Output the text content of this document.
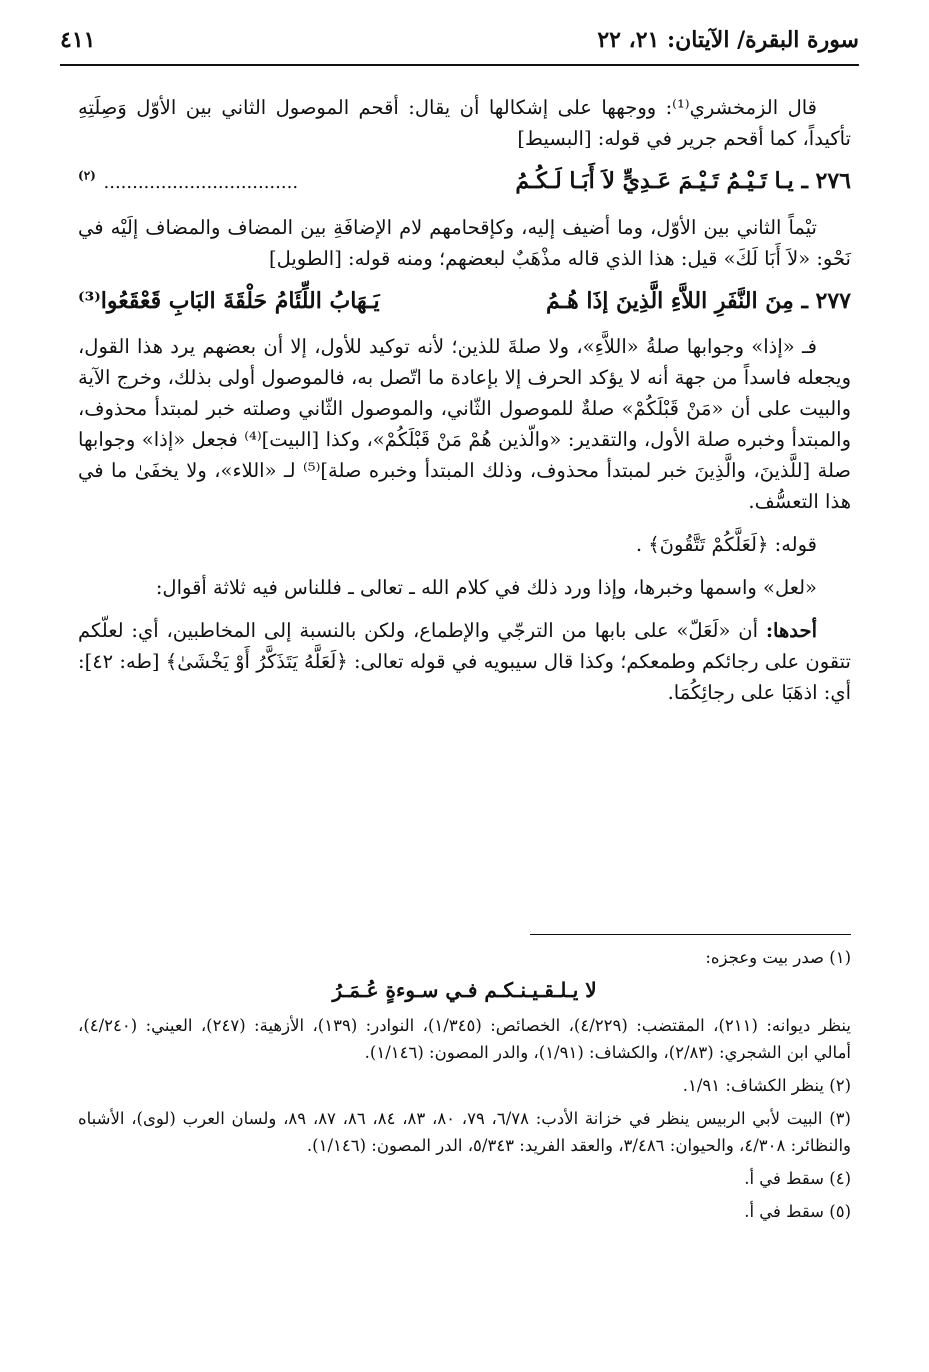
سورة البقرة/ الآيتان: ٢١، ٢٢
٤١١

قال الزمخشري⁽¹⁾: ووجهها على إشكالها أن يقال: أقحم الموصول الثاني بين الأوّل وَصِلَتِهِ تأكيداً، كما أقحم جرير في قوله: [البسيط]

٢٧٦ ـ يـا تَـيْـمُ تَـيْـمَ عَـدِيٍّ لاَ أَبَـا لَـكُـمُ
.................................. $^{(٢)}$

تيْماً الثاني بين الأوّل، وما أضيف إليه، وكإقحامهم لام الإضافَةِ بين المضاف والمضاف إلَيْه في نَحْو: «لاَ أَبَا لَكَ» قيل: هذا الذي قاله مذْهَبٌ لبعضهم؛ ومنه قوله: [الطويل]

٢٧٧ ـ مِنَ النَّفَرِ اللاَّءِ الَّذِينَ إذَا هُـمُ
يَـهَابُ اللِّئَامُ حَلْقَةَ البَابِ قَعْقَعُوا⁽³⁾

فـ «إذا» وجوابها صلةُ «اللاَّءِ»، ولا صلةَ للذين؛ لأنه توكيد للأول، إلا أن بعضهم يرد هذا القول، ويجعله فاسداً من جهة أنه لا يؤكد الحرف إلا بإعادة ما اتّصل به، فالموصول أولى بذلك، وخرج الآية والبيت على أن «مَنْ قَبْلَكُمْ» صلةٌ للموصول الثّاني، والموصول الثّاني وصلته خبر لمبتدأ محذوف، والمبتدأ وخبره صلة الأول، والتقدير: «والّذين هُمْ مَنْ قَبْلَكُمْ»، وكذا [البيت]⁽⁴⁾ فجعل «إذا» وجوابها صلة [للَّذينَ، والَّذِينَ خبر لمبتدأ محذوف، وذلك المبتدأ وخبره صلة]⁽⁵⁾ لـ «اللاء»، ولا يخفَىٰ ما في هذا التعسُّف.

قوله: ﴿لَعَلَّكُمْ تَتَّقُونَ﴾ .

«لعل» واسمها وخبرها، وإذا ورد ذلك في كلام الله ـ تعالى ـ فللناس فيه ثلاثة أقوال:

أحدها: أن «لَعَلّ» على بابها من الترجّي والإطماع، ولكن بالنسبة إلى المخاطبين، أي: لعلّكم تتقون على رجائكم وطمعكم؛ وكذا قال سيبويه في قوله تعالى: ﴿لَعَلَّهُ يَتَذَكَّرُ أَوْ يَخْشَىٰ﴾ [طه: ٤٢]: أي: اذهَبَا على رجائِكُمَا.

(١) صدر بيت وعجزه:

لا يـلـقـيـنـكـم فـي سـوءةٍ عُـمَـرُ

ينظر ديوانه: (٢١١)، المقتضب: (٤/٢٢٩)، الخصائص: (١/٣٤٥)، النوادر: (١٣٩)، الأزهية: (٢٤٧)، العيني: (٤/٢٤٠)، أمالي ابن الشجري: (٢/٨٣)، والكشاف: (١/٩١)، والدر المصون: (١/١٤٦).

(٢) ينظر الكشاف: ١/٩١.

(٣) البيت لأبي الربيس ينظر في خزانة الأدب: ٦/٧٨، ٧٩، ٨٠، ٨٣، ٨٤، ٨٦، ٨٧، ٨٩، ولسان العرب (لوى)، الأشباه والنظائر: ٤/٣٠٨، والحيوان: ٣/٤٨٦، والعقد الفريد: ٥/٣٤٣، الدر المصون: (١/١٤٦).

(٤) سقط في أ.

(٥) سقط في أ.
